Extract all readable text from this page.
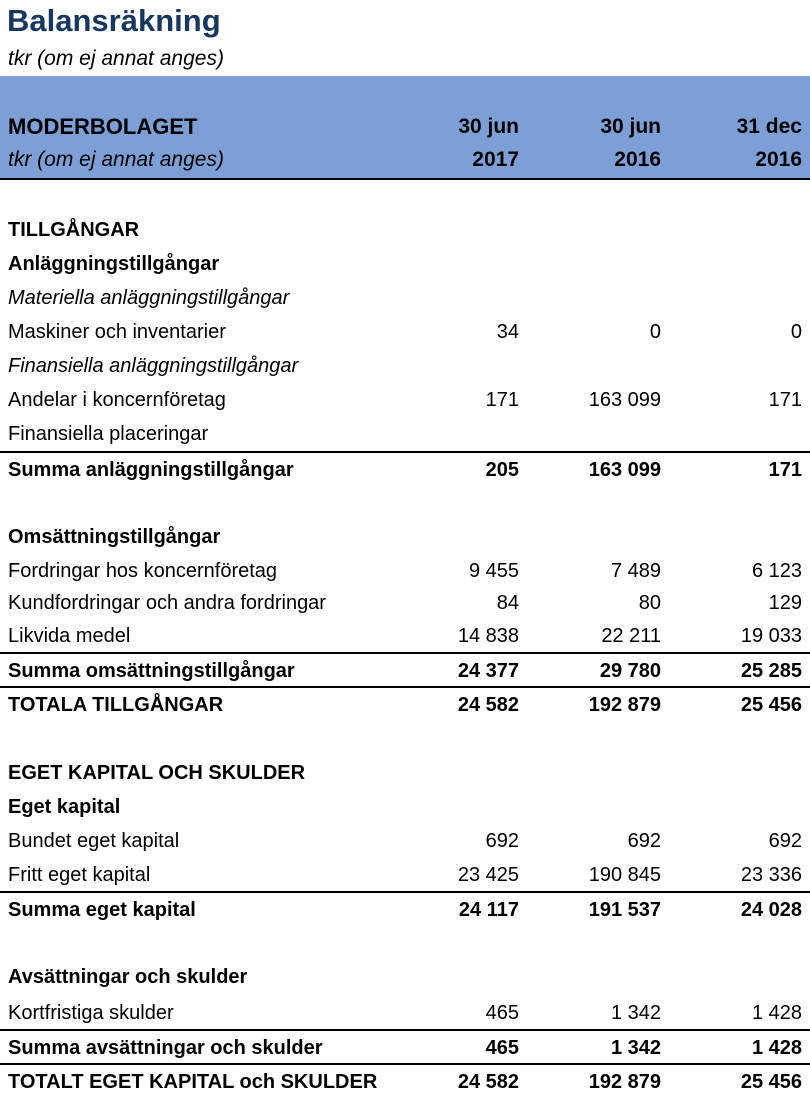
Balansräkning
tkr (om ej annat anges)
MODERBOLAGET	30 jun	30 jun	31 dec
tkr (om ej annat anges)	2017	2016	2016
TILLGÅNGAR
Anläggningstillgångar
Materiella anläggningstillgångar
Maskiner och inventarier	34	0	0
Finansiella anläggningstillgångar
Andelar i koncernföretag	171	163 099	171
Finansiella placeringar
Summa anläggningstillgångar	205	163 099	171
Omsättningstillgångar
Fordringar hos koncernföretag	9 455	7 489	6 123
Kundfordringar och andra fordringar	84	80	129
Likvida medel	14 838	22 211	19 033
Summa omsättningstillgångar	24 377	29 780	25 285
TOTALA TILLGÅNGAR	24 582	192 879	25 456
EGET KAPITAL OCH SKULDER
Eget kapital
Bundet eget kapital	692	692	692
Fritt eget kapital	23 425	190 845	23 336
Summa eget kapital	24 117	191 537	24 028
Avsättningar och skulder
Kortfristiga skulder	465	1 342	1 428
Summa avsättningar och skulder	465	1 342	1 428
TOTALT EGET KAPITAL och SKULDER	24 582	192 879	25 456
